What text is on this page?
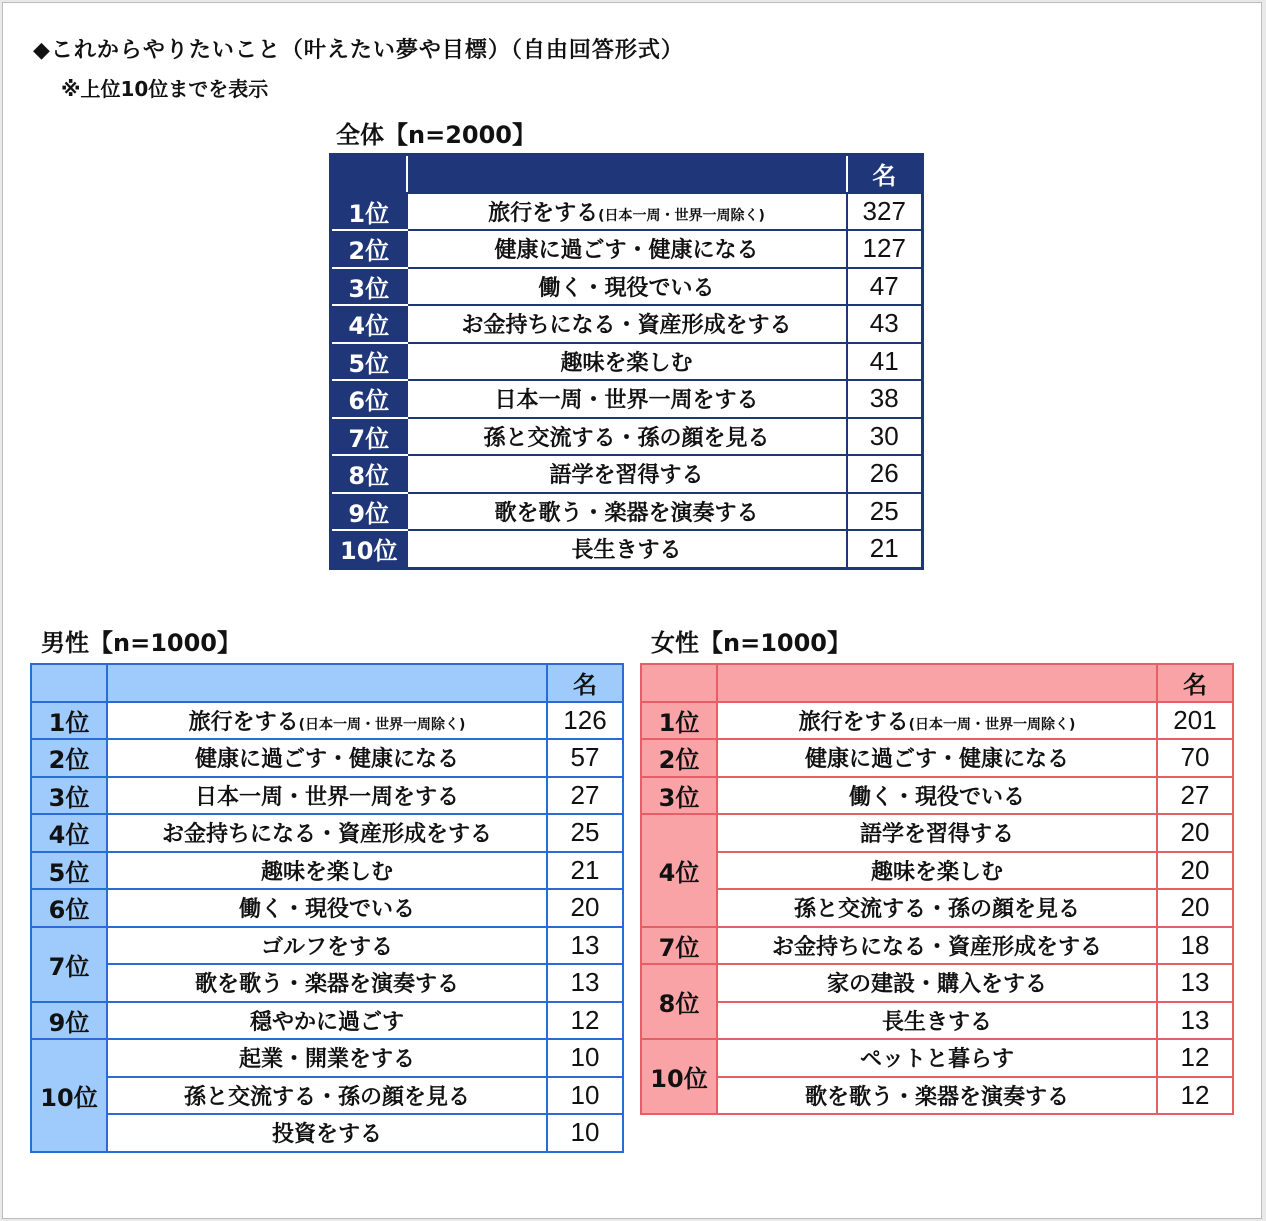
◆これからやりたいこと（叶えたい夢や目標）（自由回答形式）
※上位10位までを表示
全体【n=2000】
男性【n=1000】	女性【n=1000】
		名
1位	旅行をする(日本一周・世界一周除く)	327
2位	健康に過ごす・健康になる	127
3位	働く・現役でいる	47
4位	お金持ちになる・資産形成をする	43
5位	趣味を楽しむ	41
6位	日本一周・世界一周をする	38
7位	孫と交流する・孫の顔を見る	30
8位	語学を習得する	26
9位	歌を歌う・楽器を演奏する	25
10位	長生きする	21
		名
1位	旅行をする(日本一周・世界一周除く)	126
2位	健康に過ごす・健康になる	57
3位	日本一周・世界一周をする	27
4位	お金持ちになる・資産形成をする	25
5位	趣味を楽しむ	21
6位	働く・現役でいる	20
7位	ゴルフをする	13
	歌を歌う・楽器を演奏する	13
9位	穏やかに過ごす	12
10位	起業・開業をする	10
	孫と交流する・孫の顔を見る	10
	投資をする	10
		名
1位	旅行をする(日本一周・世界一周除く)	201
2位	健康に過ごす・健康になる	70
3位	働く・現役でいる	27
4位	語学を習得する	20
	趣味を楽しむ	20
	孫と交流する・孫の顔を見る	20
7位	お金持ちになる・資産形成をする	18
8位	家の建設・購入をする	13
	長生きする	13
10位	ペットと暮らす	12
	歌を歌う・楽器を演奏する	12
